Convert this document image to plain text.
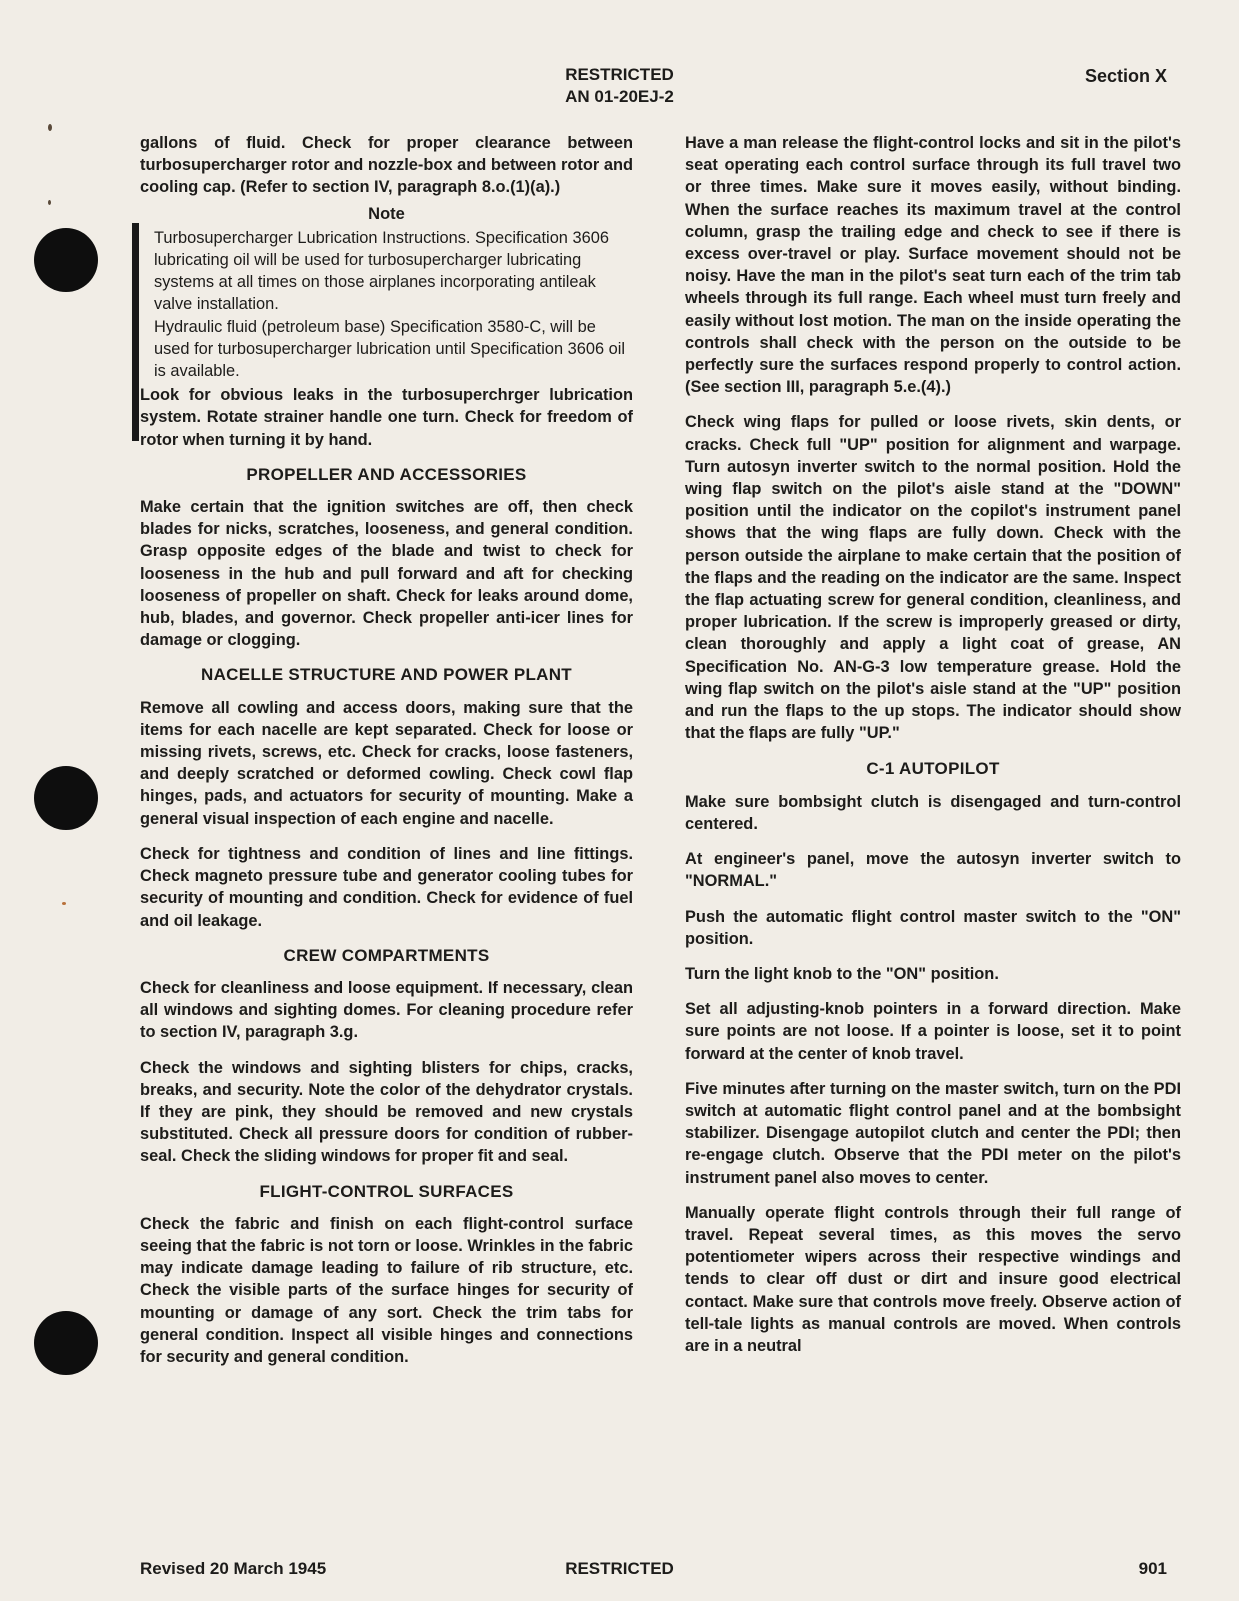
RESTRICTED
AN 01-20EJ-2
Section X

gallons of fluid. Check for proper clearance between turbosupercharger rotor and nozzle-box and between rotor and cooling cap. (Refer to section IV, paragraph 8.o.(1)(a).)

Note

Turbosupercharger Lubrication Instructions. Specification 3606 lubricating oil will be used for turbosupercharger lubricating systems at all times on those airplanes incorporating antileak valve installation.

Hydraulic fluid (petroleum base) Specification 3580-C, will be used for turbosupercharger lubrication until Specification 3606 oil is available.

Look for obvious leaks in the turbosuperchrger lubrication system. Rotate strainer handle one turn. Check for freedom of rotor when turning it by hand.

PROPELLER AND ACCESSORIES

Make certain that the ignition switches are off, then check blades for nicks, scratches, looseness, and general condition. Grasp opposite edges of the blade and twist to check for looseness in the hub and pull forward and aft for checking looseness of propeller on shaft. Check for leaks around dome, hub, blades, and governor. Check propeller anti-icer lines for damage or clogging.

NACELLE STRUCTURE AND POWER PLANT

Remove all cowling and access doors, making sure that the items for each nacelle are kept separated. Check for loose or missing rivets, screws, etc. Check for cracks, loose fasteners, and deeply scratched or deformed cowling. Check cowl flap hinges, pads, and actuators for security of mounting. Make a general visual inspection of each engine and nacelle.

Check for tightness and condition of lines and line fittings. Check magneto pressure tube and generator cooling tubes for security of mounting and condition. Check for evidence of fuel and oil leakage.

CREW COMPARTMENTS

Check for cleanliness and loose equipment. If necessary, clean all windows and sighting domes. For cleaning procedure refer to section IV, paragraph 3.g.

Check the windows and sighting blisters for chips, cracks, breaks, and security. Note the color of the dehydrator crystals. If they are pink, they should be removed and new crystals substituted. Check all pressure doors for condition of rubber-seal. Check the sliding windows for proper fit and seal.

FLIGHT-CONTROL SURFACES

Check the fabric and finish on each flight-control surface seeing that the fabric is not torn or loose. Wrinkles in the fabric may indicate damage leading to failure of rib structure, etc. Check the visible parts of the surface hinges for security of mounting or damage of any sort. Check the trim tabs for general condition. Inspect all visible hinges and connections for security and general condition.

Have a man release the flight-control locks and sit in the pilot's seat operating each control surface through its full travel two or three times. Make sure it moves easily, without binding. When the surface reaches its maximum travel at the control column, grasp the trailing edge and check to see if there is excess over-travel or play. Surface movement should not be noisy. Have the man in the pilot's seat turn each of the trim tab wheels through its full range. Each wheel must turn freely and easily without lost motion. The man on the inside operating the controls shall check with the person on the outside to be perfectly sure the surfaces respond properly to control action. (See section III, paragraph 5.e.(4).)

Check wing flaps for pulled or loose rivets, skin dents, or cracks. Check full "UP" position for alignment and warpage. Turn autosyn inverter switch to the normal position. Hold the wing flap switch on the pilot's aisle stand at the "DOWN" position until the indicator on the copilot's instrument panel shows that the wing flaps are fully down. Check with the person outside the airplane to make certain that the position of the flaps and the reading on the indicator are the same. Inspect the flap actuating screw for general condition, cleanliness, and proper lubrication. If the screw is improperly greased or dirty, clean thoroughly and apply a light coat of grease, AN Specification No. AN-G-3 low temperature grease. Hold the wing flap switch on the pilot's aisle stand at the "UP" position and run the flaps to the up stops. The indicator should show that the flaps are fully "UP."

C-1 AUTOPILOT

Make sure bombsight clutch is disengaged and turn-control centered.

At engineer's panel, move the autosyn inverter switch to "NORMAL."

Push the automatic flight control master switch to the "ON" position.

Turn the light knob to the "ON" position.

Set all adjusting-knob pointers in a forward direction. Make sure points are not loose. If a pointer is loose, set it to point forward at the center of knob travel.

Five minutes after turning on the master switch, turn on the PDI switch at automatic flight control panel and at the bombsight stabilizer. Disengage autopilot clutch and center the PDI; then re-engage clutch. Observe that the PDI meter on the pilot's instrument panel also moves to center.

Manually operate flight controls through their full range of travel. Repeat several times, as this moves the servo potentiometer wipers across their respective windings and tends to clear off dust or dirt and insure good electrical contact. Make sure that controls move freely. Observe action of tell-tale lights as manual controls are moved. When controls are in a neutral

Revised 20 March 1945	RESTRICTED	901
